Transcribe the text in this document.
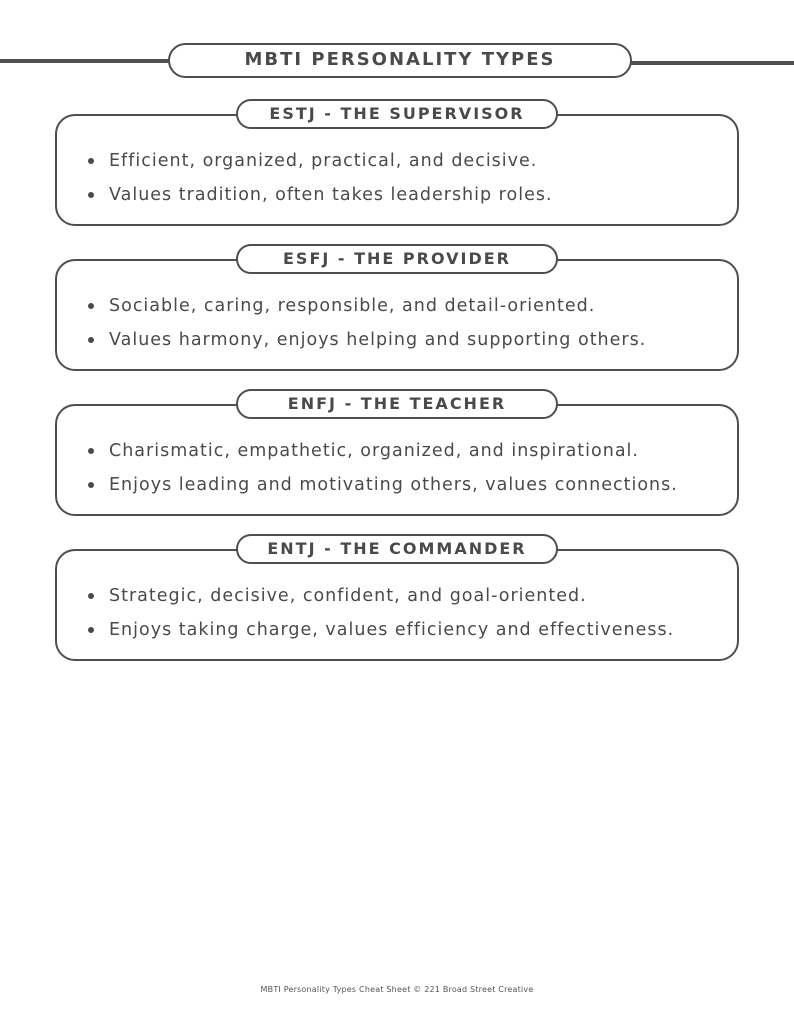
MBTI PERSONALITY TYPES
Efficient, organized, practical, and decisive.
Values tradition, often takes leadership roles.
ESTJ - THE SUPERVISOR
Sociable, caring, responsible, and detail-oriented.
Values harmony, enjoys helping and supporting others.
ESFJ - THE PROVIDER
Charismatic, empathetic, organized, and inspirational.
Enjoys leading and motivating others, values connections.
ENFJ - THE TEACHER
Strategic, decisive, confident, and goal-oriented.
Enjoys taking charge, values efficiency and effectiveness.
ENTJ - THE COMMANDER
MBTI Personality Types Cheat Sheet © 221 Broad Street Creative
